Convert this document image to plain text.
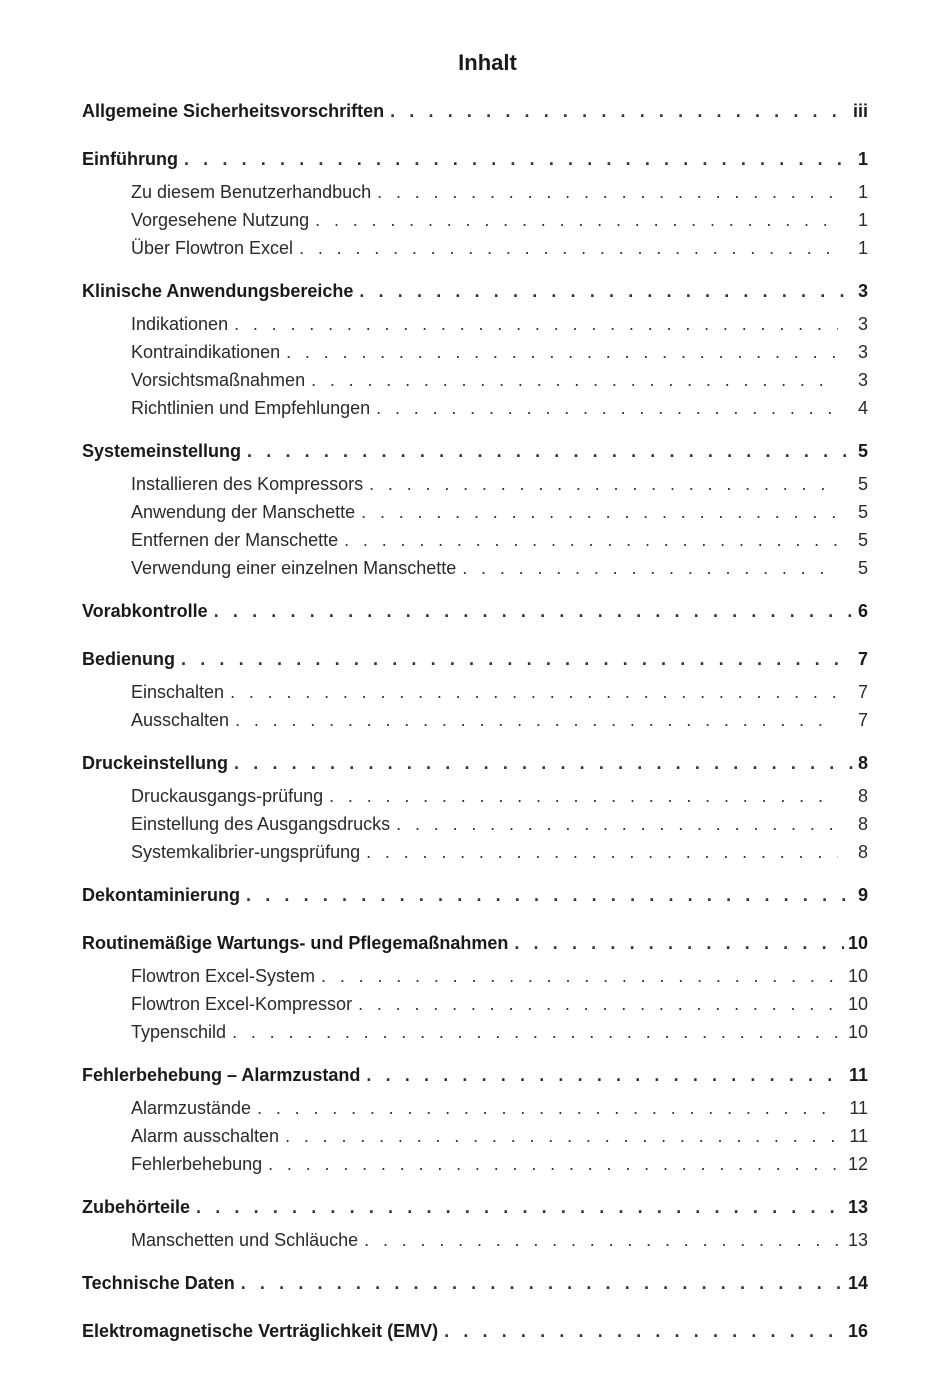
Inhalt
Allgemeine Sicherheitsvorschriften . . .	iii
Einführung . . .	1
Zu diesem Benutzerhandbuch . . .	1
Vorgesehene Nutzung . . .	1
Über Flowtron Excel . . .	1
Klinische Anwendungsbereiche . . .	3
Indikationen . . .	3
Kontraindikationen . . .	3
Vorsichtsmaßnahmen . . .	3
Richtlinien und Empfehlungen . . .	4
Systemeinstellung . . .	5
Installieren des Kompressors . . .	5
Anwendung der Manschette . . .	5
Entfernen der Manschette . . .	5
Verwendung einer einzelnen Manschette . . .	5
Vorabkontrolle . . .	6
Bedienung . . .	7
Einschalten . . .	7
Ausschalten . . .	7
Druckeinstellung . . .	8
Druckausgangs-prüfung . . .	8
Einstellung des Ausgangsdrucks . . .	8
Systemkalibrier-ungsprüfung . . .	8
Dekontaminierung . . .	9
Routinemäßige Wartungs- und Pflegemaßnahmen . . .	10
Flowtron Excel-System . . .	10
Flowtron Excel-Kompressor . . .	10
Typenschild . . .	10
Fehlerbehebung – Alarmzustand . . .	11
Alarmzustände . . .	11
Alarm ausschalten . . .	11
Fehlerbehebung . . .	12
Zubehörteile . . .	13
Manschetten und Schläuche . . .	13
Technische Daten . . .	14
Elektromagnetische Verträglichkeit (EMV) . . .	16
